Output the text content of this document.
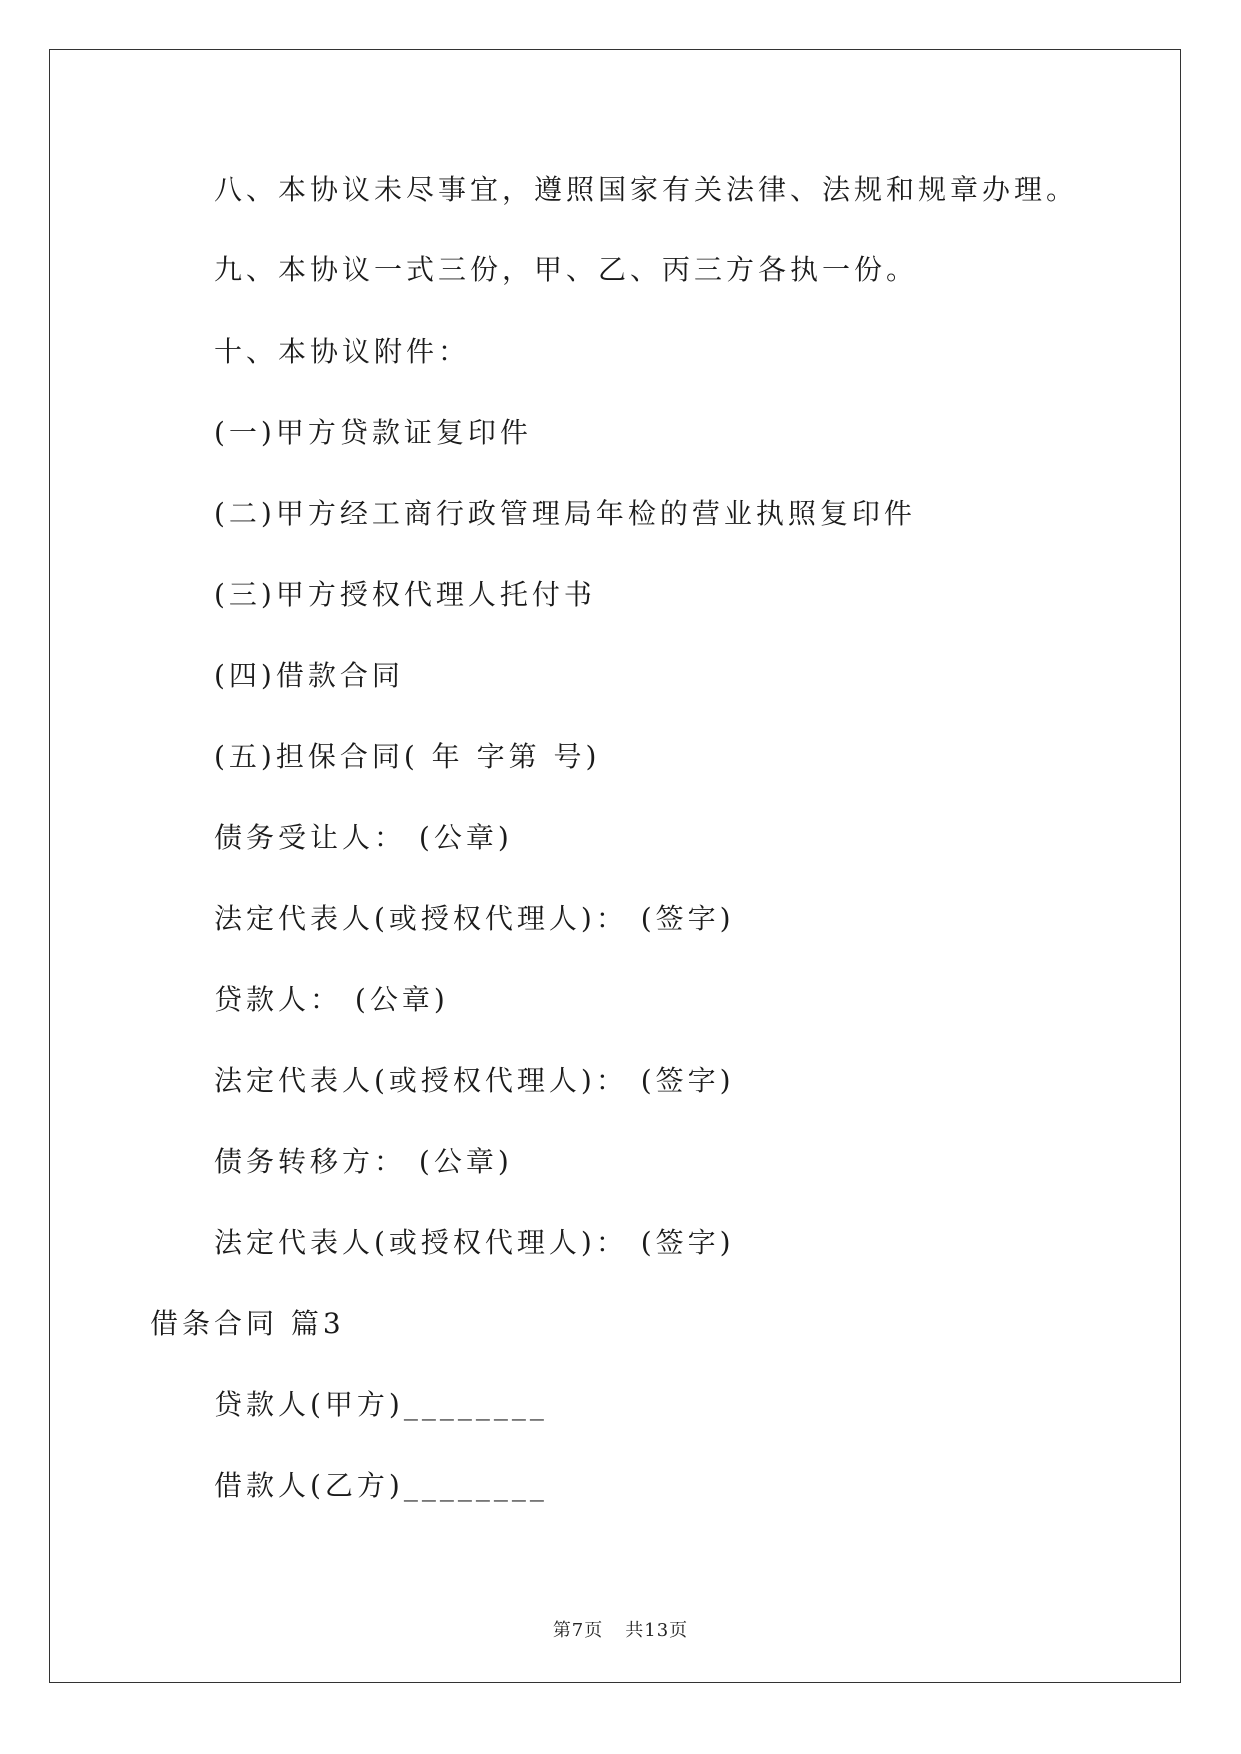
八、本协议未尽事宜，遵照国家有关法律、法规和规章办理。
九、本协议一式三份，甲、乙、丙三方各执一份。
十、本协议附件：
(一)甲方贷款证复印件
(二)甲方经工商行政管理局年检的营业执照复印件
(三)甲方授权代理人托付书
(四)借款合同
(五)担保合同( 年 字第 号)
债务受让人： (公章)
法定代表人(或授权代理人)： (签字)
贷款人： (公章)
法定代表人(或授权代理人)： (签字)
债务转移方： (公章)
法定代表人(或授权代理人)： (签字)
借条合同 篇3
贷款人(甲方)________
借款人(乙方)________
第7页 共13页
